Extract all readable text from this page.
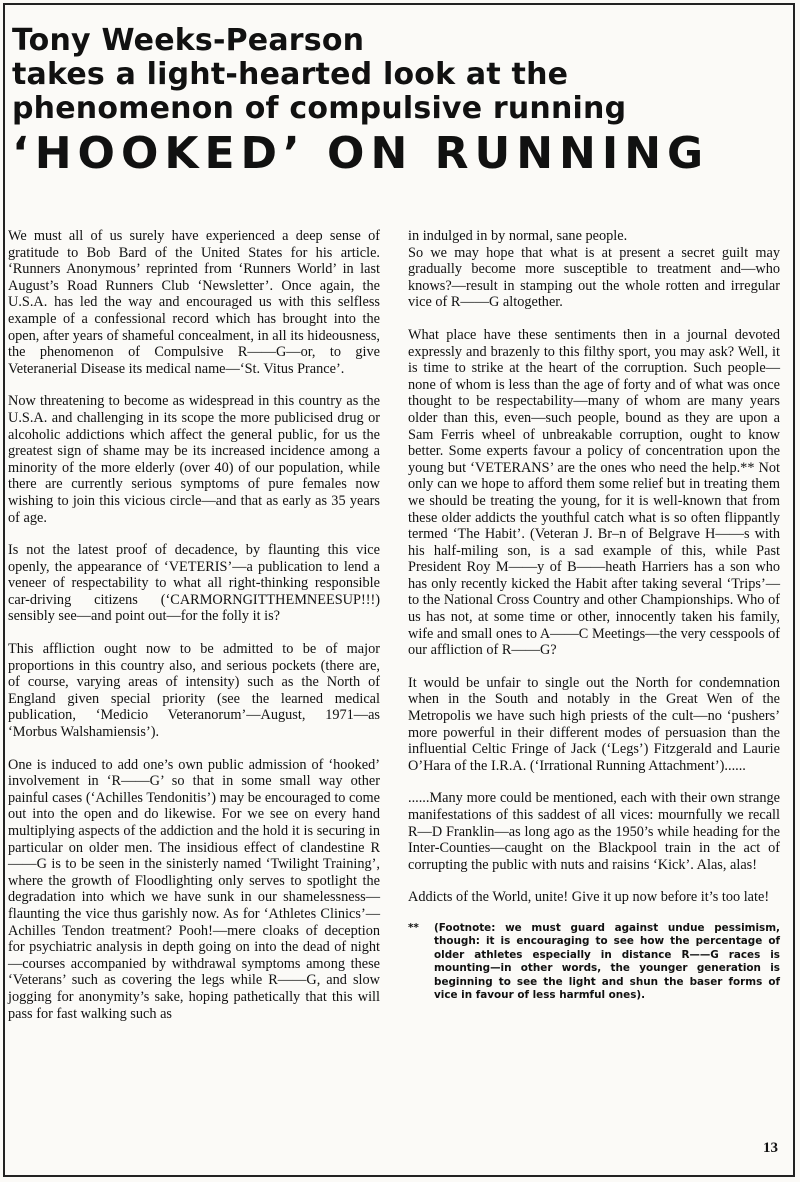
Tony Weeks-Pearson
takes a light-hearted look at the
phenomenon of compulsive running
‘HOOKED’ ON RUNNING

We must all of us surely have experienced a deep sense of gratitude to Bob Bard of the United States for his article. ‘Runners Anonymous’ reprinted from ‘Runners World’ in last August’s Road Runners Club ‘Newsletter’. Once again, the U.S.A. has led the way and encouraged us with this selfless example of a confessional record which has brought into the open, after years of shameful concealment, in all its hideousness, the phenomenon of Compulsive R——G—or, to give Veteranerial Disease its medical name—‘St. Vitus Prance’.

Now threatening to become as widespread in this country as the U.S.A. and challenging in its scope the more publicised drug or alcoholic addictions which affect the general public, for us the greatest sign of shame may be its increased incidence among a minority of the more elderly (over 40) of our population, while there are currently serious symptoms of pure females now wishing to join this vicious circle—and that as early as 35 years of age.

Is not the latest proof of decadence, by flaunting this vice openly, the appearance of ‘VETERIS’—a publication to lend a veneer of respectability to what all right-thinking responsible car-driving citizens (‘CARMORNGITTHEMNEESUP!!!) sensibly see—and point out—for the folly it is?

This affliction ought now to be admitted to be of major proportions in this country also, and serious pockets (there are, of course, varying areas of intensity) such as the North of England given special priority (see the learned medical publication, ‘Medicio Veteranorum’—August, 1971—as ‘Morbus Walshamiensis’).

One is induced to add one’s own public admission of ‘hooked’ involvement in ‘R——G’ so that in some small way other painful cases (‘Achilles Tendonitis’) may be encouraged to come out into the open and do likewise. For we see on every hand multiplying aspects of the addiction and the hold it is securing in particular on older men. The insidious effect of clandestine R——G is to be seen in the sinisterly named ‘Twilight Training’, where the growth of Floodlighting only serves to spotlight the degradation into which we have sunk in our shamelessness—flaunting the vice thus garishly now. As for ‘Athletes Clinics’—Achilles Tendon treatment? Pooh!—mere cloaks of deception for psychiatric analysis in depth going on into the dead of night—courses accompanied by withdrawal symptoms among these ‘Veterans’ such as covering the legs while R——G, and slow jogging for anonymity’s sake, hoping pathetically that this will pass for fast walking such as

in indulged in by normal, sane people.

So we may hope that what is at present a secret guilt may gradually become more susceptible to treatment and—who knows?—result in stamping out the whole rotten and irregular vice of R——G altogether.

What place have these sentiments then in a journal devoted expressly and brazenly to this filthy sport, you may ask? Well, it is time to strike at the heart of the corruption. Such people—none of whom is less than the age of forty and of what was once thought to be respectability—many of whom are many years older than this, even—such people, bound as they are upon a Sam Ferris wheel of unbreakable corruption, ought to know better. Some experts favour a policy of concentration upon the young but ‘VETERANS’ are the ones who need the help.** Not only can we hope to afford them some relief but in treating them we should be treating the young, for it is well-known that from these older addicts the youthful catch what is so often flippantly termed ‘The Habit’. (Veteran J. Br–n of Belgrave H——s with his half-miling son, is a sad example of this, while Past President Roy M——y of B——heath Harriers has a son who has only recently kicked the Habit after taking several ‘Trips’—to the National Cross Country and other Championships. Who of us has not, at some time or other, innocently taken his family, wife and small ones to A——C Meetings—the very cesspools of our affliction of R——G?

It would be unfair to single out the North for condemnation when in the South and notably in the Great Wen of the Metropolis we have such high priests of the cult—no ‘pushers’ more powerful in their different modes of persuasion than the influential Celtic Fringe of Jack (‘Legs’) Fitzgerald and Laurie O’Hara of the I.R.A. (‘Irrational Running Attachment’)......

......Many more could be mentioned, each with their own strange manifestations of this saddest of all vices: mournfully we recall R—D Franklin—as long ago as the 1950’s while heading for the Inter-Counties—caught on the Blackpool train in the act of corrupting the public with nuts and raisins ‘Kick’. Alas, alas!

Addicts of the World, unite! Give it up now before it’s too late!

**	(Footnote: we must guard against undue pessimism, though: it is encouraging to see how the percentage of older athletes especially in distance R——G races is mounting—in other words, the younger generation is beginning to see the light and shun the baser forms of vice in favour of less harmful ones).
13
